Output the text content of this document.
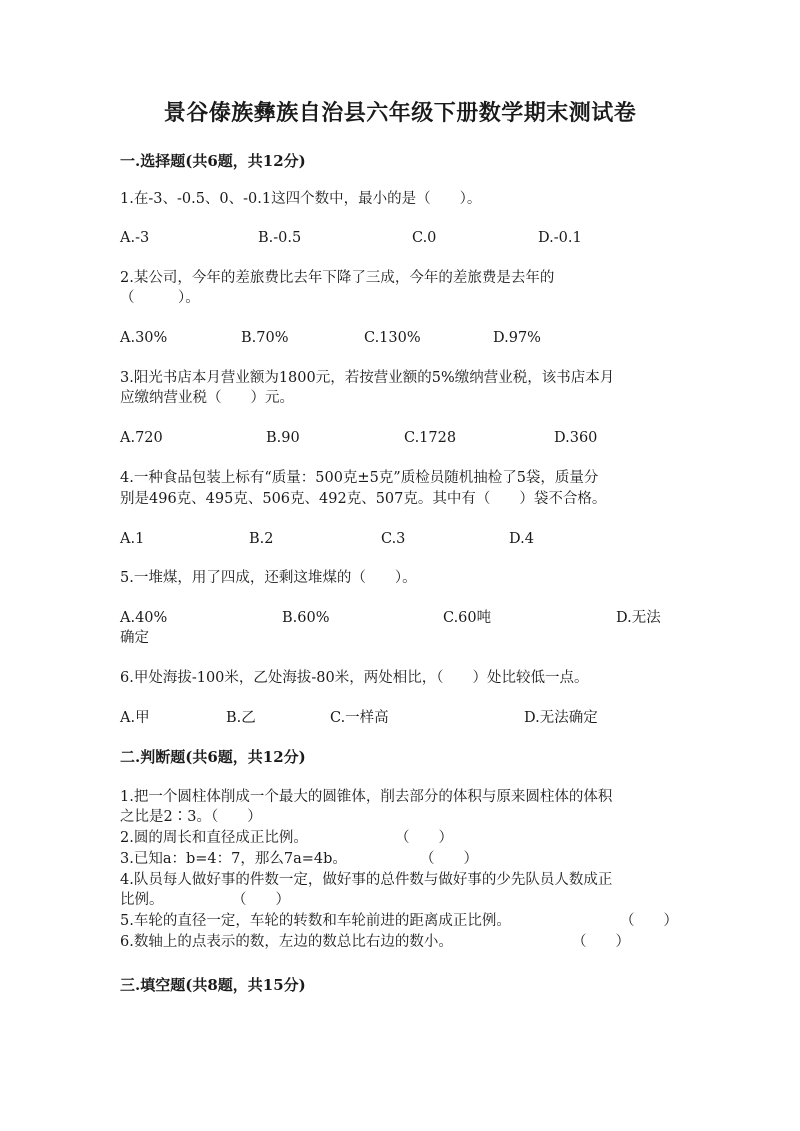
景谷傣族彝族自治县六年级下册数学期末测试卷
一.选择题(共6题，共12分)
1.在-3、-0.5、0、-0.1这四个数中，最小的是（　　）。
A.-3	B.-0.5	C.0	D.-0.1
2.某公司，今年的差旅费比去年下降了三成，今年的差旅费是去年的
（　　　）。
A.30%	B.70%	C.130%	D.97%
3.阳光书店本月营业额为1800元，若按营业额的5%缴纳营业税，该书店本月
应缴纳营业税（　　）元。
A.720	B.90	C.1728	D.360
4.一种食品包装上标有“质量：500克±5克”质检员随机抽检了5袋，质量分
别是496克、495克、506克、492克、507克。其中有（　　）袋不合格。
A.1	B.2	C.3	D.4
5.一堆煤，用了四成，还剩这堆煤的（　　）。
A.40%	B.60%	C.60吨	D.无法
确定
6.甲处海拔-100米，乙处海拔-80米，两处相比，（　　）处比较低一点。
A.甲	B.乙	C.一样高	D.无法确定
二.判断题(共6题，共12分)
1.把一个圆柱体削成一个最大的圆锥体，削去部分的体积与原来圆柱体的体积
之比是2∶3。（　　）
2.圆的周长和直径成正比例。	（　　）
3.已知a：b=4：7，那么7a=4b。	（　　）
4.队员每人做好事的件数一定，做好事的总件数与做好事的少先队员人数成正
比例。	（　　）
5.车轮的直径一定，车轮的转数和车轮前进的距离成正比例。	（　　）
6.数轴上的点表示的数，左边的数总比右边的数小。	（　　）
三.填空题(共8题，共15分)
